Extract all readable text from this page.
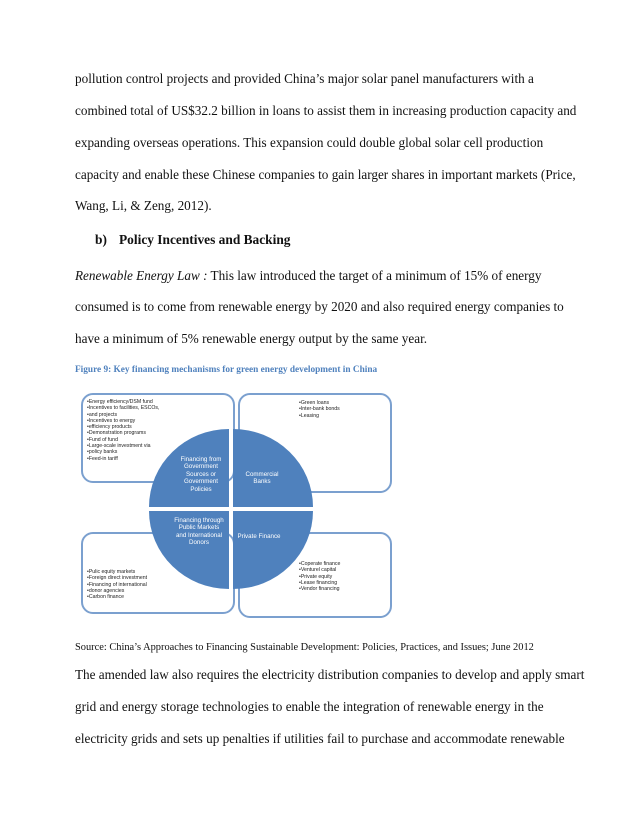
pollution control projects and provided China’s major solar panel manufacturers with a
combined total of US$32.2 billion in loans to assist them in increasing production capacity and
expanding overseas operations. This expansion could double global solar cell production
capacity and enable these Chinese companies to gain larger shares in important markets (Price,
Wang, Li, & Zeng, 2012).
b) Policy Incentives and Backing
Renewable Energy Law : This law introduced the target of a minimum of 15% of energy
consumed is to come from renewable energy by 2020 and also required energy companies to
have a minimum of 5% renewable energy output by the same year.
Figure 9: Key financing mechanisms for green energy development in China
• Energy efficiency/DSM fund
• Incentives to facilities, ESCOs,
• and projects
• Incentives to energy
• efficiency products
• Demonstration programs
• Fund of fund
• Large-scale investment via
• policy banks
• Feed-in tariff
• Green loans
• Inter-bank bonds
• Leasing
• Pulic equity markets
• Foreign direct investment
• Financing of international
• donor agencies
• Carbon finance
• Coperate finance
• Venturel capital
• Private equity
• Lease financing
• Vendor financing
Financing from Government Sources or Government Policies
Commercial Banks
Financing through Public Markets and International Donors
Private Finance
Source: China’s Approaches to Financing Sustainable Development: Policies, Practices, and Issues; June 2012
The amended law also requires the electricity distribution companies to develop and apply smart
grid and energy storage technologies to enable the integration of renewable energy in the
electricity grids and sets up penalties if utilities fail to purchase and accommodate renewable
